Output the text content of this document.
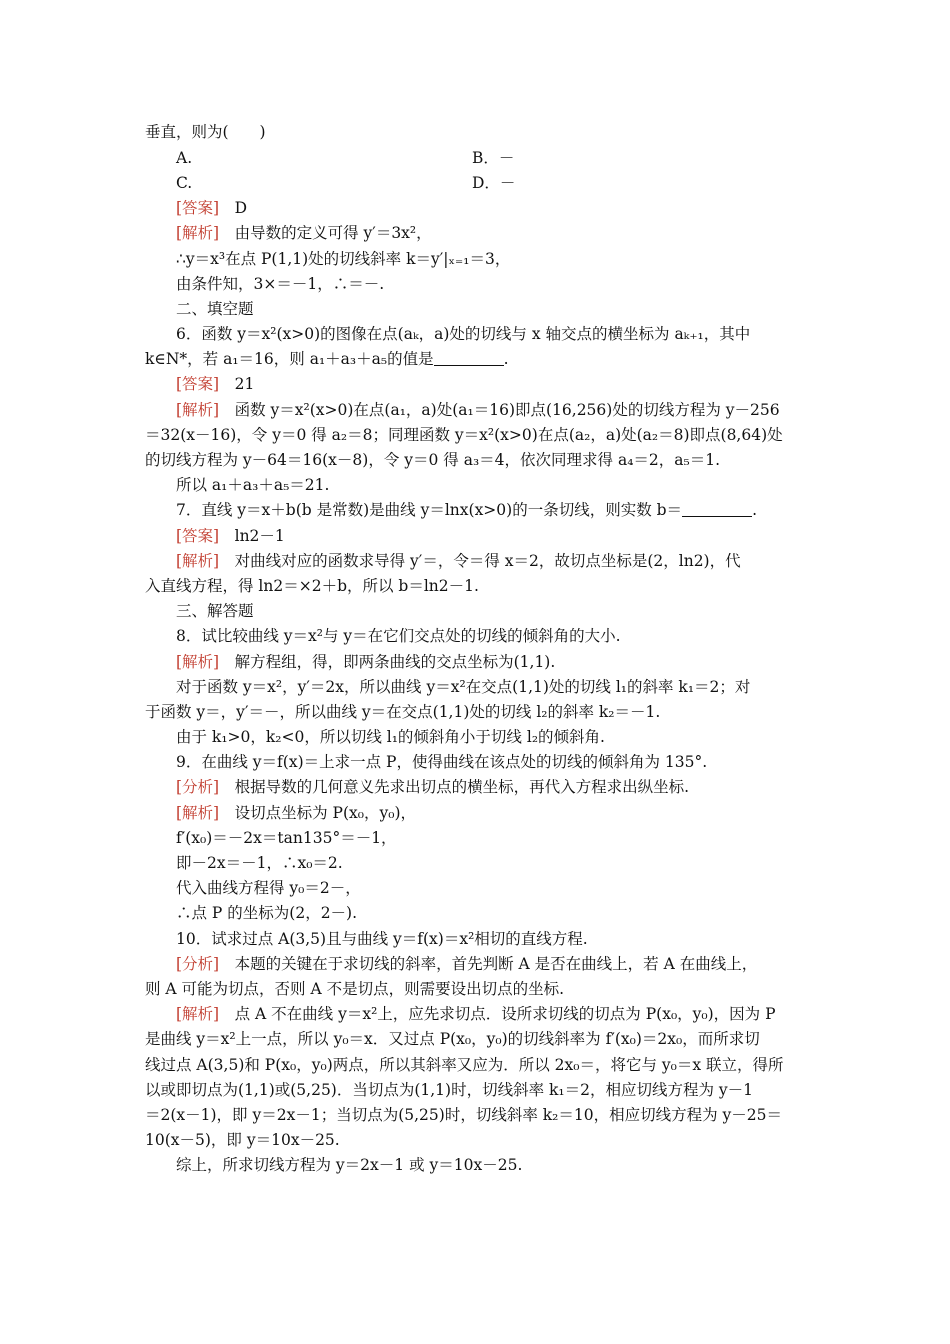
垂直，则为(　　)
A.	B．－
C.	D．－
[答案]　D
[解析]　由导数的定义可得 y′＝3x²，
∴y＝x³在点 P(1,1)处的切线斜率 k＝y′|ₓ₌₁＝3，
由条件知，3×＝－1，∴＝－.
二、填空题
6．函数 y＝x²(x>0)的图像在点(aₖ，a)处的切线与 x 轴交点的横坐标为 aₖ₊₁，其中
k∈N*，若 a₁＝16，则 a₁＋a₃＋a₅的值是	.
[答案]　21
[解析]　函数 y＝x²(x>0)在点(a₁，a)处(a₁＝16)即点(16,256)处的切线方程为 y－256
＝32(x－16)，令 y＝0 得 a₂＝8；同理函数 y＝x²(x>0)在点(a₂，a)处(a₂＝8)即点(8,64)处
的切线方程为 y－64＝16(x－8)，令 y＝0 得 a₃＝4，依次同理求得 a₄＝2，a₅＝1.
所以 a₁＋a₃＋a₅＝21.
7．直线 y＝x＋b(b 是常数)是曲线 y＝lnx(x>0)的一条切线，则实数 b＝	.
[答案]　ln2－1
[解析]　对曲线对应的函数求导得 y′＝，令＝得 x＝2，故切点坐标是(2，ln2)，代
入直线方程，得 ln2＝×2＋b，所以 b＝ln2－1.
三、解答题
8．试比较曲线 y＝x²与 y＝在它们交点处的切线的倾斜角的大小.
[解析]　解方程组，得，即两条曲线的交点坐标为(1,1).
对于函数 y＝x²，y′＝2x，所以曲线 y＝x²在交点(1,1)处的切线 l₁的斜率 k₁＝2；对
于函数 y＝，y′＝－，所以曲线 y＝在交点(1,1)处的切线 l₂的斜率 k₂＝－1.
由于 k₁>0，k₂<0，所以切线 l₁的倾斜角小于切线 l₂的倾斜角.
9．在曲线 y＝f(x)＝上求一点 P，使得曲线在该点处的切线的倾斜角为 135°.
[分析]　根据导数的几何意义先求出切点的横坐标，再代入方程求出纵坐标.
[解析]　设切点坐标为 P(x₀，y₀)，
f′(x₀)＝－2x＝tan135°＝－1，
即－2x＝－1，∴x₀＝2.
代入曲线方程得 y₀＝2－，
∴点 P 的坐标为(2，2－).
10．试求过点 A(3,5)且与曲线 y＝f(x)＝x²相切的直线方程.
[分析]　本题的关键在于求切线的斜率，首先判断 A 是否在曲线上，若 A 在曲线上，
则 A 可能为切点，否则 A 不是切点，则需要设出切点的坐标.
[解析]　点 A 不在曲线 y＝x²上，应先求切点．设所求切线的切点为 P(x₀，y₀)，因为 P
是曲线 y＝x²上一点，所以 y₀＝x．又过点 P(x₀，y₀)的切线斜率为 f′(x₀)＝2x₀，而所求切
线过点 A(3,5)和 P(x₀，y₀)两点，所以其斜率又应为．所以 2x₀＝，将它与 y₀＝x 联立，得所
以或即切点为(1,1)或(5,25)．当切点为(1,1)时，切线斜率 k₁＝2，相应切线方程为 y－1
＝2(x－1)，即 y＝2x－1；当切点为(5,25)时，切线斜率 k₂＝10，相应切线方程为 y－25＝
10(x－5)，即 y＝10x－25.
综上，所求切线方程为 y＝2x－1 或 y＝10x－25.
